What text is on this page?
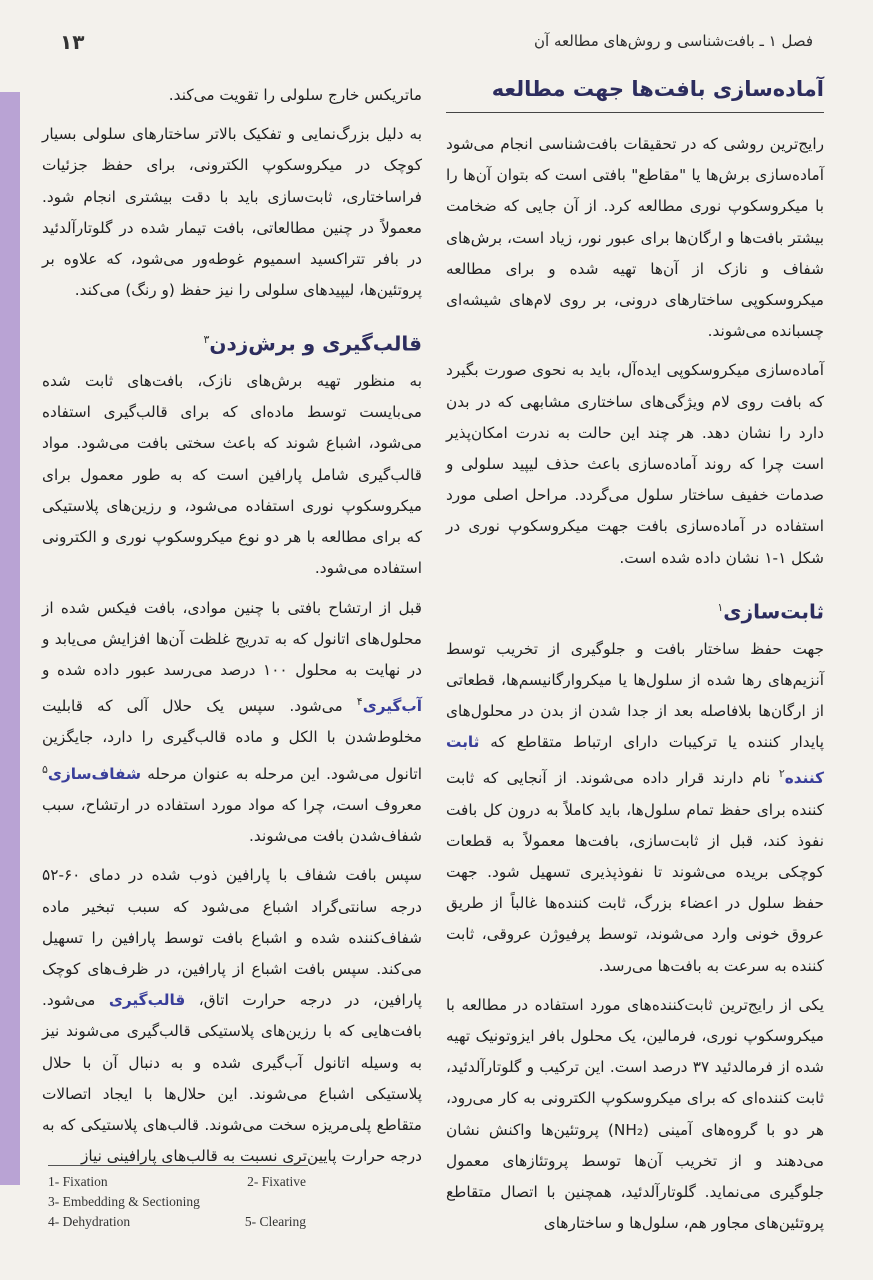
فصل ۱ ـ بافت‌شناسی و روش‌های مطالعه آن
۱۳
آماده‌سازی بافت‌ها جهت مطالعه

رایج‌ترین روشی که در تحقیقات بافت‌شناسی انجام می‌شود آماده‌سازی برش‌ها یا "مقاطع" بافتی است که بتوان آن‌ها را با میکروسکوپ نوری مطالعه کرد. از آن جایی که ضخامت بیشتر بافت‌ها و ارگان‌ها برای عبور نور، زیاد است، برش‌های شفاف و نازک از آن‌ها تهیه شده و برای مطالعه میکروسکوپی ساختارهای درونی، بر روی لام‌های شیشه‌ای چسبانده می‌شوند.

آماده‌سازی میکروسکوپی ایده‌آل، باید به نحوی صورت بگیرد که بافت روی لام ویژگی‌های ساختاری مشابهی که در بدن دارد را نشان دهد. هر چند این حالت به ندرت امکان‌پذیر است چرا که روند آماده‌سازی باعث حذف لیپید سلولی و صدمات خفیف ساختار سلول می‌گردد. مراحل اصلی مورد استفاده در آماده‌سازی بافت جهت میکروسکوپ نوری در شکل ۱-۱ نشان داده شده است.

ثابت‌سازی$^۱$

جهت حفظ ساختار بافت و جلوگیری از تخریب توسط آنزیم‌های رها شده از سلول‌ها یا میکروارگانیسم‌ها، قطعاتی از ارگان‌ها بلافاصله بعد از جدا شدن از بدن در محلول‌های پایدار کننده یا ترکیبات دارای ارتباط متقاطع که ثابت کننده$^۲$ نام دارند قرار داده می‌شوند. از آنجایی که ثابت کننده برای حفظ تمام سلول‌ها، باید کاملاً به درون کل بافت نفوذ کند، قبل از ثابت‌سازی، بافت‌ها معمولاً به قطعات کوچکی بریده می‌شوند تا نفوذپذیری تسهیل شود. جهت حفظ سلول در اعضاء بزرگ، ثابت کننده‌ها غالباً از طریق عروق خونی وارد می‌شوند، توسط پرفیوژن عروقی، ثابت کننده به سرعت به بافت‌ها می‌رسد.

یکی از رایج‌ترین ثابت‌کننده‌های مورد استفاده در مطالعه با میکروسکوپ نوری، فرمالین، یک محلول بافر ایزوتونیک تهیه شده از فرمالدئید ۳۷ درصد است. این ترکیب و گلوتارآلدئید، ثابت کننده‌ای که برای میکروسکوپ الکترونی به کار می‌رود، هر دو با گروه‌های آمینی (NH₂) پروتئین‌ها واکنش نشان می‌دهند و از تخریب آن‌ها توسط پروتئازهای معمول جلوگیری می‌نماید. گلوتارآلدئید، همچنین با اتصال متقاطع پروتئین‌های مجاور هم، سلول‌ها و ساختارهای

ماتریکس خارج سلولی را تقویت می‌کند.

به دلیل بزرگ‌نمایی و تفکیک بالاتر ساختارهای سلولی بسیار کوچک در میکروسکوپ الکترونی، برای حفظ جزئیات فراساختاری، ثابت‌سازی باید با دقت بیشتری انجام شود. معمولاً در چنین مطالعاتی، بافت تیمار شده در گلوتارآلدئید در بافر تتراکسید اسمیوم غوطه‌ور می‌شود، که علاوه بر پروتئین‌ها، لیپیدهای سلولی را نیز حفظ (و رنگ) می‌کند.

قالب‌گیری و برش‌زدن$^۳$

به منظور تهیه برش‌های نازک، بافت‌های ثابت شده می‌بایست توسط ماده‌ای که برای قالب‌گیری استفاده می‌شود، اشباع شوند که باعث سختی بافت می‌شود. مواد قالب‌گیری شامل پارافین است که به طور معمول برای میکروسکوپ نوری استفاده می‌شود، و رزین‌های پلاستیکی که برای مطالعه با هر دو نوع میکروسکوپ نوری و الکترونی استفاده می‌شود.

قبل از ارتشاح بافتی با چنین موادی، بافت فیکس شده از محلول‌های اتانول که به تدریج غلظت آن‌ها افزایش می‌یابد و در نهایت به محلول ۱۰۰ درصد می‌رسد عبور داده شده و آب‌گیری$^۴$ می‌شود. سپس یک حلال آلی که قابلیت مخلوط‌شدن با الکل و ماده قالب‌گیری را دارد، جایگزین اتانول می‌شود. این مرحله به عنوان مرحله شفاف‌سازی$^۵$ معروف است، چرا که مواد مورد استفاده در ارتشاح، سبب شفاف‌شدن بافت می‌شوند.

سپس بافت شفاف با پارافین ذوب شده در دمای ۶۰-۵۲ درجه سانتی‌گراد اشباع می‌شود که سبب تبخیر ماده شفاف‌کننده شده و اشباع بافت توسط پارافین را تسهیل می‌کند. سپس بافت اشباع از پارافین، در ظرف‌های کوچک پارافین، در درجه حرارت اتاق، قالب‌گیری می‌شود. بافت‌هایی که با رزین‌های پلاستیکی قالب‌گیری می‌شوند نیز به وسیله اتانول آب‌گیری شده و به دنبال آن با حلال پلاستیکی اشباع می‌شوند. این حلال‌ها با ایجاد اتصالات متقاطع پلی‌مریزه سخت می‌شوند. قالب‌های پلاستیکی که به درجه حرارت پایین‌تری نسبت به قالب‌های پارافینی نیاز

1- Fixation	2- Fixative
3- Embedding & Sectioning
4- Dehydration	5- Clearing
